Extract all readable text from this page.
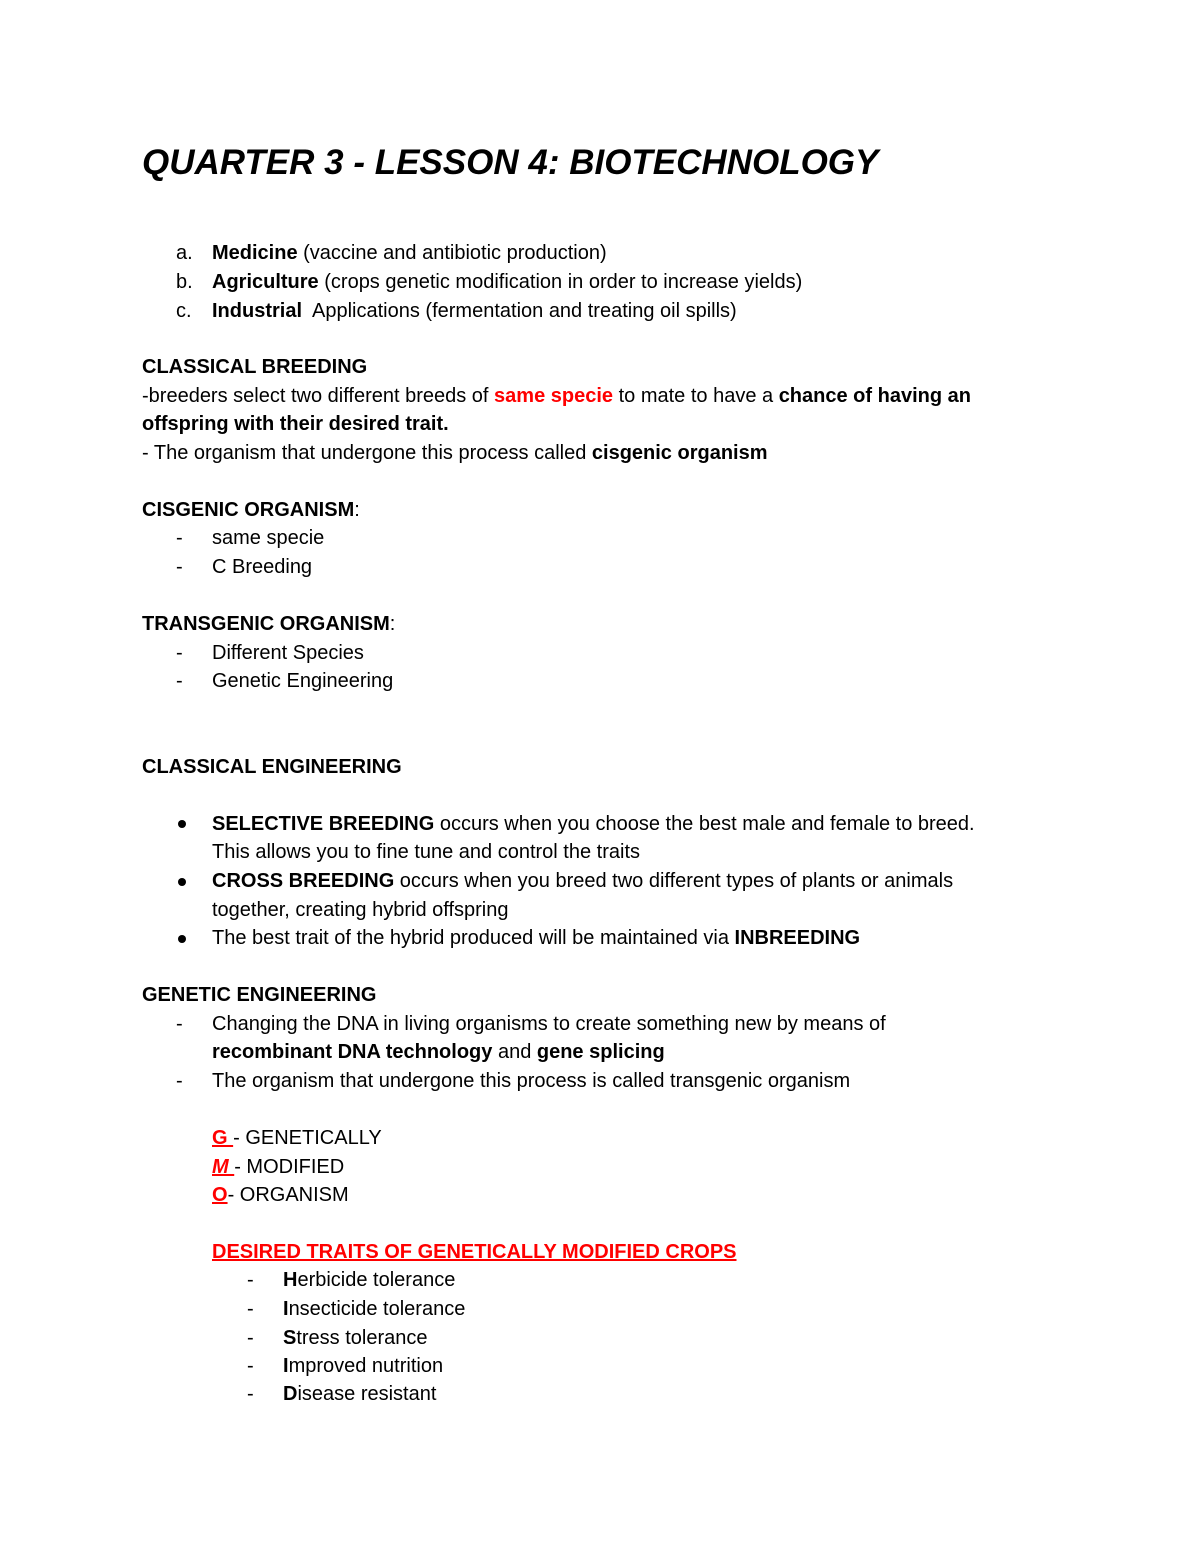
QUARTER 3 - LESSON 4: BIOTECHNOLOGY
a. Medicine (vaccine and antibiotic production)
b. Agriculture (crops genetic modification in order to increase yields)
c. Industrial  Applications (fermentation and treating oil spills)
CLASSICAL BREEDING
-breeders select two different breeds of same specie to mate to have a chance of having an
offspring with their desired trait.
- The organism that undergone this process called cisgenic organism
CISGENIC ORGANISM:
- same specie
- C Breeding
TRANSGENIC ORGANISM:
- Different Species
- Genetic Engineering
CLASSICAL ENGINEERING
SELECTIVE BREEDING occurs when you choose the best male and female to breed.
This allows you to fine tune and control the traits
CROSS BREEDING occurs when you breed two different types of plants or animals
together, creating hybrid offspring
The best trait of the hybrid produced will be maintained via INBREEDING
GENETIC ENGINEERING
- Changing the DNA in living organisms to create something new by means of
recombinant DNA technology and gene splicing
- The organism that undergone this process is called transgenic organism
G - GENETICALLY
M - MODIFIED
O- ORGANISM
DESIRED TRAITS OF GENETICALLY MODIFIED CROPS
- Herbicide tolerance
- Insecticide tolerance
- Stress tolerance
- Improved nutrition
- Disease resistant
